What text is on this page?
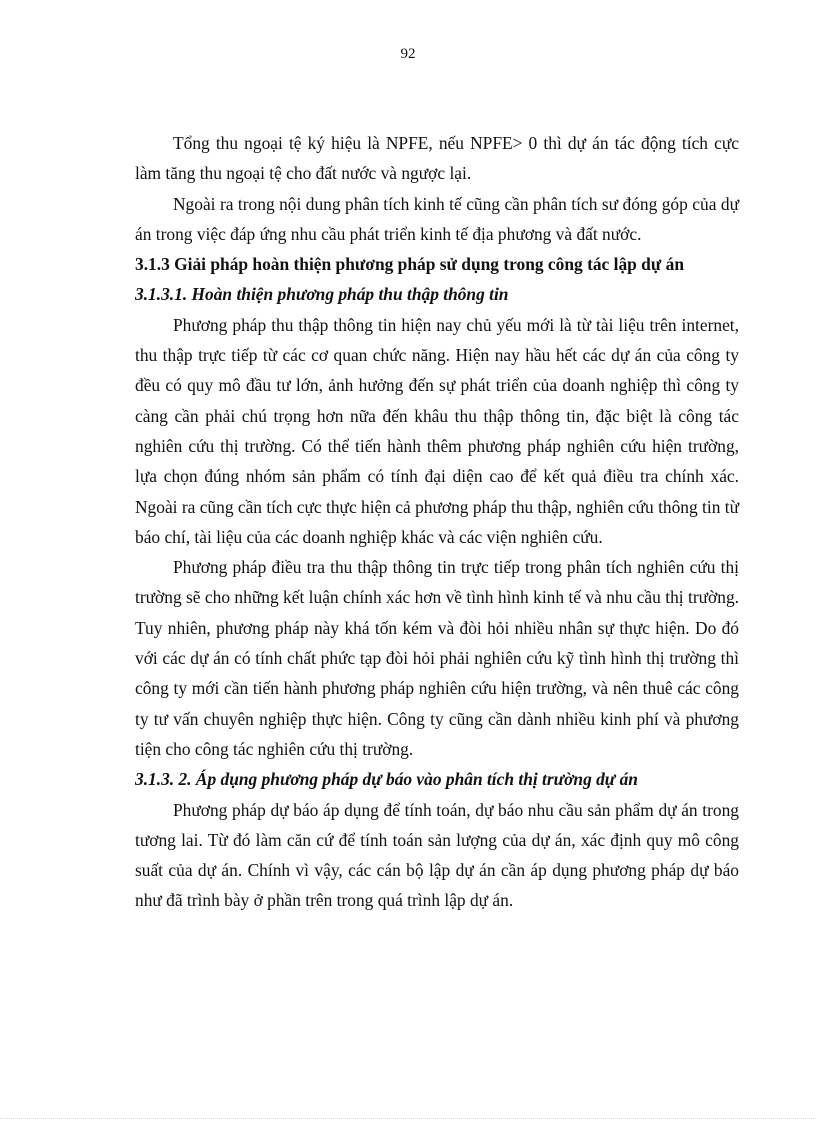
92

Tổng thu ngoại tệ ký hiệu là NPFE, nếu NPFE> 0 thì dự án tác động tích cực làm tăng thu ngoại tệ cho đất nước và ngược lại.

Ngoài ra trong nội dung phân tích kinh tế cũng cần phân tích sư đóng góp của dự án trong việc đáp ứng nhu cầu phát triển kinh tế địa phương và đất nước.

3.1.3 Giải pháp hoàn thiện phương pháp sử dụng trong công tác lập dự án
3.1.3.1. Hoàn thiện phương pháp thu thập thông tin

Phương pháp thu thập thông tin hiện nay chủ yếu mới là từ tài liệu trên internet, thu thập trực tiếp từ các cơ quan chức năng. Hiện nay hầu hết các dự án của công ty đều có quy mô đầu tư lớn, ảnh hưởng đến sự phát triển của doanh nghiệp thì công ty càng cần phải chú trọng hơn nữa đến khâu thu thập thông tin, đặc biệt là công tác nghiên cứu thị trường. Có thể tiến hành thêm phương pháp nghiên cứu hiện trường, lựa chọn đúng nhóm sản phẩm có tính đại diện cao để kết quả điều tra chính xác. Ngoài ra cũng cần tích cực thực hiện cả phương pháp thu thập, nghiên cứu thông tin từ báo chí, tài liệu của các doanh nghiệp khác và các viện nghiên cứu.

Phương pháp điều tra thu thập thông tin trực tiếp trong phân tích nghiên cứu thị trường sẽ cho những kết luận chính xác hơn về tình hình kinh tế và nhu cầu thị trường. Tuy nhiên, phương pháp này khá tốn kém và đòi hỏi nhiều nhân sự thực hiện. Do đó với các dự án có tính chất phức tạp đòi hỏi phải nghiên cứu kỹ tình hình thị trường thì công ty mới cần tiến hành phương pháp nghiên cứu hiện trường, và nên thuê các công ty tư vấn chuyên nghiệp thực hiện. Công ty cũng cần dành nhiều kinh phí và phương tiện cho công tác nghiên cứu thị trường.

3.1.3. 2. Áp dụng phương pháp dự báo vào phân tích thị trường dự án

Phương pháp dự báo áp dụng để tính toán, dự báo nhu cầu sản phẩm dự án trong tương lai. Từ đó làm căn cứ để tính toán sản lượng của dự án, xác định quy mô công suất của dự án. Chính vì vậy, các cán bộ lập dự án cần áp dụng phương pháp dự báo như đã trình bày ở phần trên trong quá trình lập dự án.
